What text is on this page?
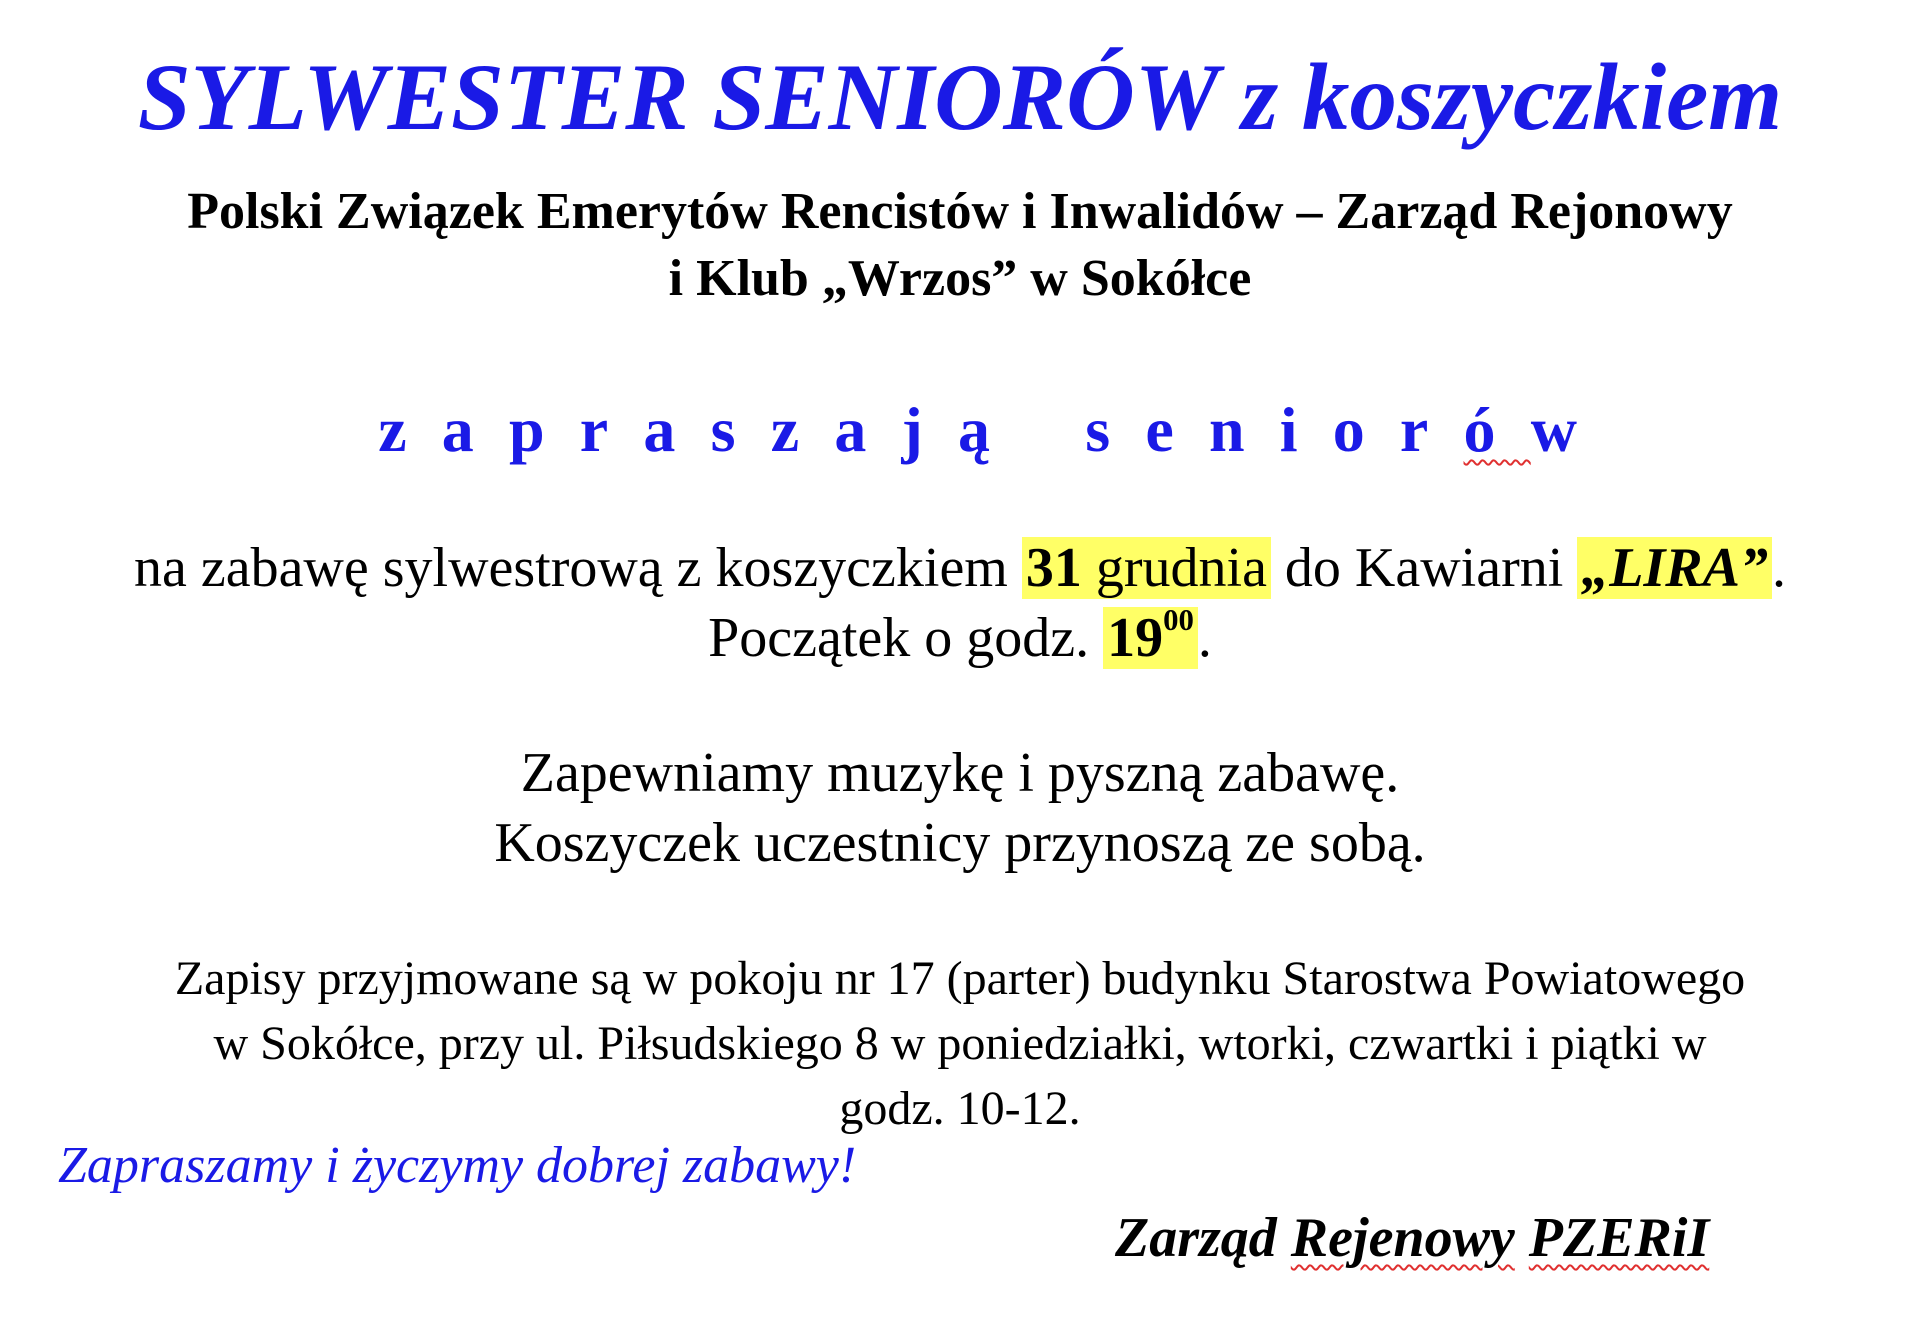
SYLWESTER SENIORÓW z koszyczkiem
Polski Związek Emerytów Rencistów i Inwalidów – Zarząd Rejonowy
i Klub „Wrzos” w Sokółce
zapraszają seniorów
na zabawę sylwestrową z koszyczkiem 31 grudnia do Kawiarni „LIRA”.
Początek o godz. $19^{00}$.
Zapewniamy muzykę i pyszną zabawę.
Koszyczek uczestnicy przynoszą ze sobą.
Zapisy przyjmowane są w pokoju nr 17 (parter) budynku Starostwa Powiatowego
w Sokółce, przy ul. Piłsudskiego 8 w poniedziałki, wtorki, czwartki i piątki w
godz. 10-12.
Zapraszamy i życzymy dobrej zabawy!
Zarząd Rejenowy PZERiI
